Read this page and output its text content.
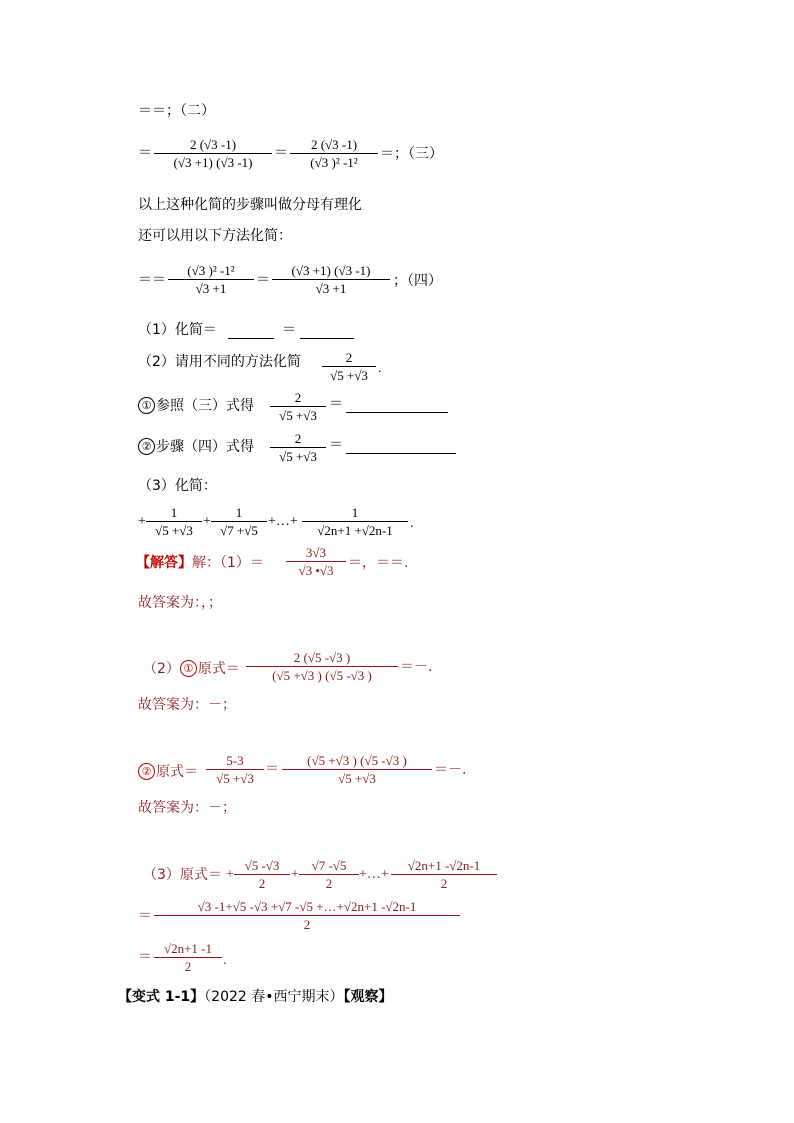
＝＝；（二）
＝
2 (√3 -1)
(√3 +1) (√3 -1)
＝
2 (√3 -1)
(√3 )² -1²
＝；（三）
以上这种化简的步骤叫做分母有理化
还可以用以下方法化简：
＝＝
(√3 )² -1²
√3 +1
＝
(√3 +1) (√3 -1)
√3 +1	；（四）
（1）化简＝	＝
（2）请用不同的方法化简	2
√5 +√3 .
① 参照（三）式得
2
√5 +√3
＝
② 步骤（四）式得
2
√5 +√3
＝
（3）化简：
+
1
√5 +√3
+
1
√7 +√5
+…+
1
√2n+1 +√2n-1	.
【解答】解：（1）＝
3√3
√3 •√3	＝，＝＝.
故答案为：，；
（2） ① 原式＝
2 (√5 -√3 )
(√5 +√3 ) (√5 -√3 )
＝－.
故答案为：－；
② 原式＝
5-3
√5 +√3
＝
(√5 +√3 ) (√5 -√3 )
√5 +√3
＝－.
故答案为：－；
（3）原式＝ +
√5 -√3
2
+
√7 -√5
2
+…+
√2n+1 -√2n-1
2
＝
√3 -1+√5 -√3 +√7 -√5 +…+√2n+1 -√2n-1
2
＝
√2n+1 -1
2	.
【变式 1-1】（2022 春•西宁期末）【观察】
